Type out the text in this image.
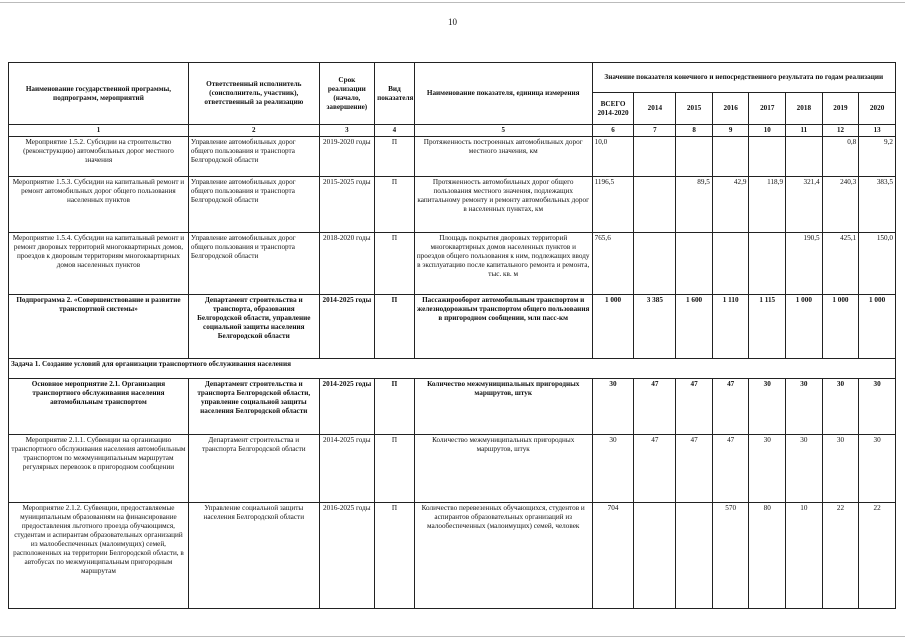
10
Наименование государственной программы, подпрограмм, мероприятий	Ответственный исполнитель (соисполнитель, участник), ответственный за реализацию	Срок реализации (начало, завершение)	Вид показателя	Наименование показателя, единица измерения	Значение показателя конечного и непосредственного результата по годам реализации							
					ВСЕГО 2014-2020	2014	2015	2016	2017	2018	2019	2020
1	2	3	4	5	6	7	8	9	10	11	12	13
Мероприятие 1.5.2. Субсидии на строительство (реконструкцию) автомобильных дорог местного значения	Управление автомобильных дорог общего пользования и транспорта Белгородской области	2019-2020 годы	П	Протяженность построенных автомобильных дорог местного значения, км	10,0						0,8	9,2
Мероприятие 1.5.3. Субсидии на капитальный ремонт и ремонт автомобильных дорог общего пользования населенных пунктов	Управление автомобильных дорог общего пользования и транспорта Белгородской области	2015-2025 годы	П	Протяженность автомобильных дорог общего пользования местного значения, подлежащих капитальному ремонту и ремонту автомобильных дорог в населенных пунктах, км	1196,5		89,5	42,9	118,9	321,4	240,3	383,5
Мероприятие 1.5.4. Субсидии на капитальный ремонт и ремонт дворовых территорий многоквартирных домов, проездов к дворовым территориям многоквартирных домов населенных пунктов	Управление автомобильных дорог общего пользования и транспорта Белгородской области	2018-2020 годы	П	Площадь покрытия дворовых территорий многоквартирных домов населенных пунктов и проездов общего пользования к ним, подлежащих вводу в эксплуатацию после капитального ремонта и ремонта, тыс. кв. м	765,6					190,5	425,1	150,0
Подпрограмма 2. «Совершенствование и развитие транспортной системы»	Департамент строительства и транспорта, образования Белгородской области, управление социальной защиты населения Белгородской области	2014-2025 годы	П	Пассажирооборот автомобильным транспортом и железнодорожным транспортом общего пользования в пригородном сообщении, млн пасс-км	1 000	3 385	1 600	1 110	1 115	1 000	1 000	1 000
Задача 1. Создание условий для организации транспортного обслуживания населения												
Основное мероприятие 2.1. Организация транспортного обслуживания населения автомобильным транспортом	Департамент строительства и транспорта Белгородской области, управление социальной защиты населения Белгородской области	2014-2025 годы	П	Количество межмуниципальных пригородных маршрутов, штук	30	47	47	47	30	30	30	30
Мероприятие 2.1.1. Субвенции на организацию транспортного обслуживания населения автомобильным транспортом по межмуниципальным маршрутам регулярных перевозок в пригородном сообщении	Департамент строительства и транспорта Белгородской области	2014-2025 годы	П	Количество межмуниципальных пригородных маршрутов, штук	30	47	47	47	30	30	30	30
Мероприятие 2.1.2. Субвенции, предоставляемые муниципальным образованиям на финансирование предоставления льготного проезда обучающимся, студентам и аспирантам образовательных организаций из малообеспеченных (малоимущих) семей, расположенных на территории Белгородской области, в автобусах по межмуниципальным пригородным маршрутам	Управление социальной защиты населения Белгородской области	2016-2025 годы	П	Количество перевезенных обучающихся, студентов и аспирантов образовательных организаций из малообеспеченных (малоимущих) семей, человек	704			570	80	10	22	22
